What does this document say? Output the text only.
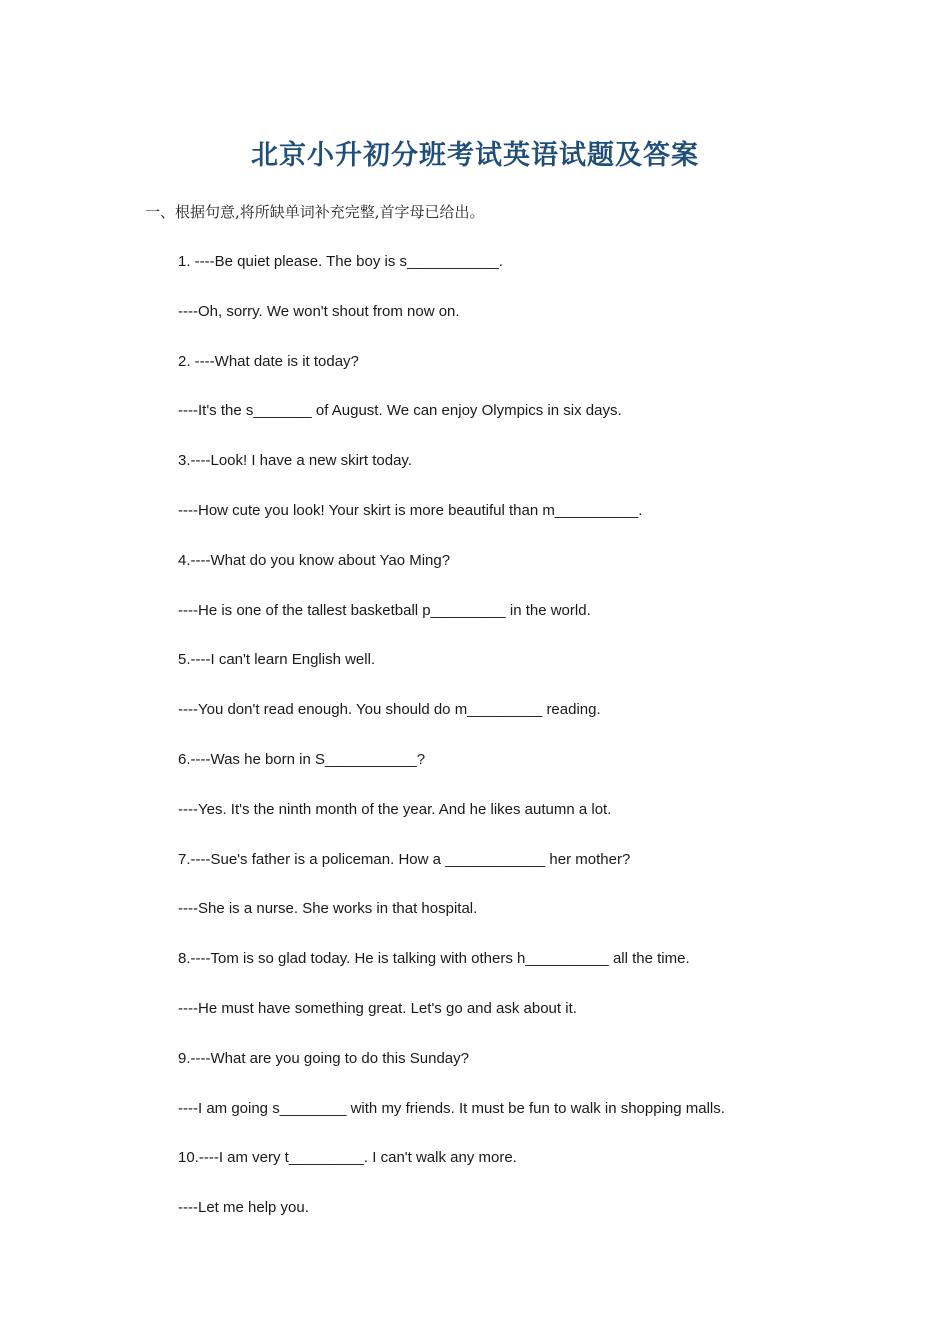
北京小升初分班考试英语试题及答案
一、根据句意,将所缺单词补充完整,首字母已给出。
1. ----Be quiet please. The boy is s___________.
----Oh, sorry. We won't shout from now on.
2. ----What date is it today?
----It's the s_______ of August. We can enjoy Olympics in six days.
3.----Look! I have a new skirt today.
----How cute you look! Your skirt is more beautiful than m__________.
4.----What do you know about Yao Ming?
----He is one of the tallest basketball p_________ in the world.
5.----I can't learn English well.
----You don't read enough. You should do m_________ reading.
6.----Was he born in S___________?
----Yes. It's the ninth month of the year. And he likes autumn a lot.
7.----Sue's father is a policeman. How a ____________ her mother?
----She is a nurse. She works in that hospital.
8.----Tom is so glad today. He is talking with others h__________ all the time.
----He must have something great. Let's go and ask about it.
9.----What are you going to do this Sunday?
----I am going s________ with my friends. It must be fun to walk in shopping malls.
10.----I am very t_________. I can't walk any more.
----Let me help you.
